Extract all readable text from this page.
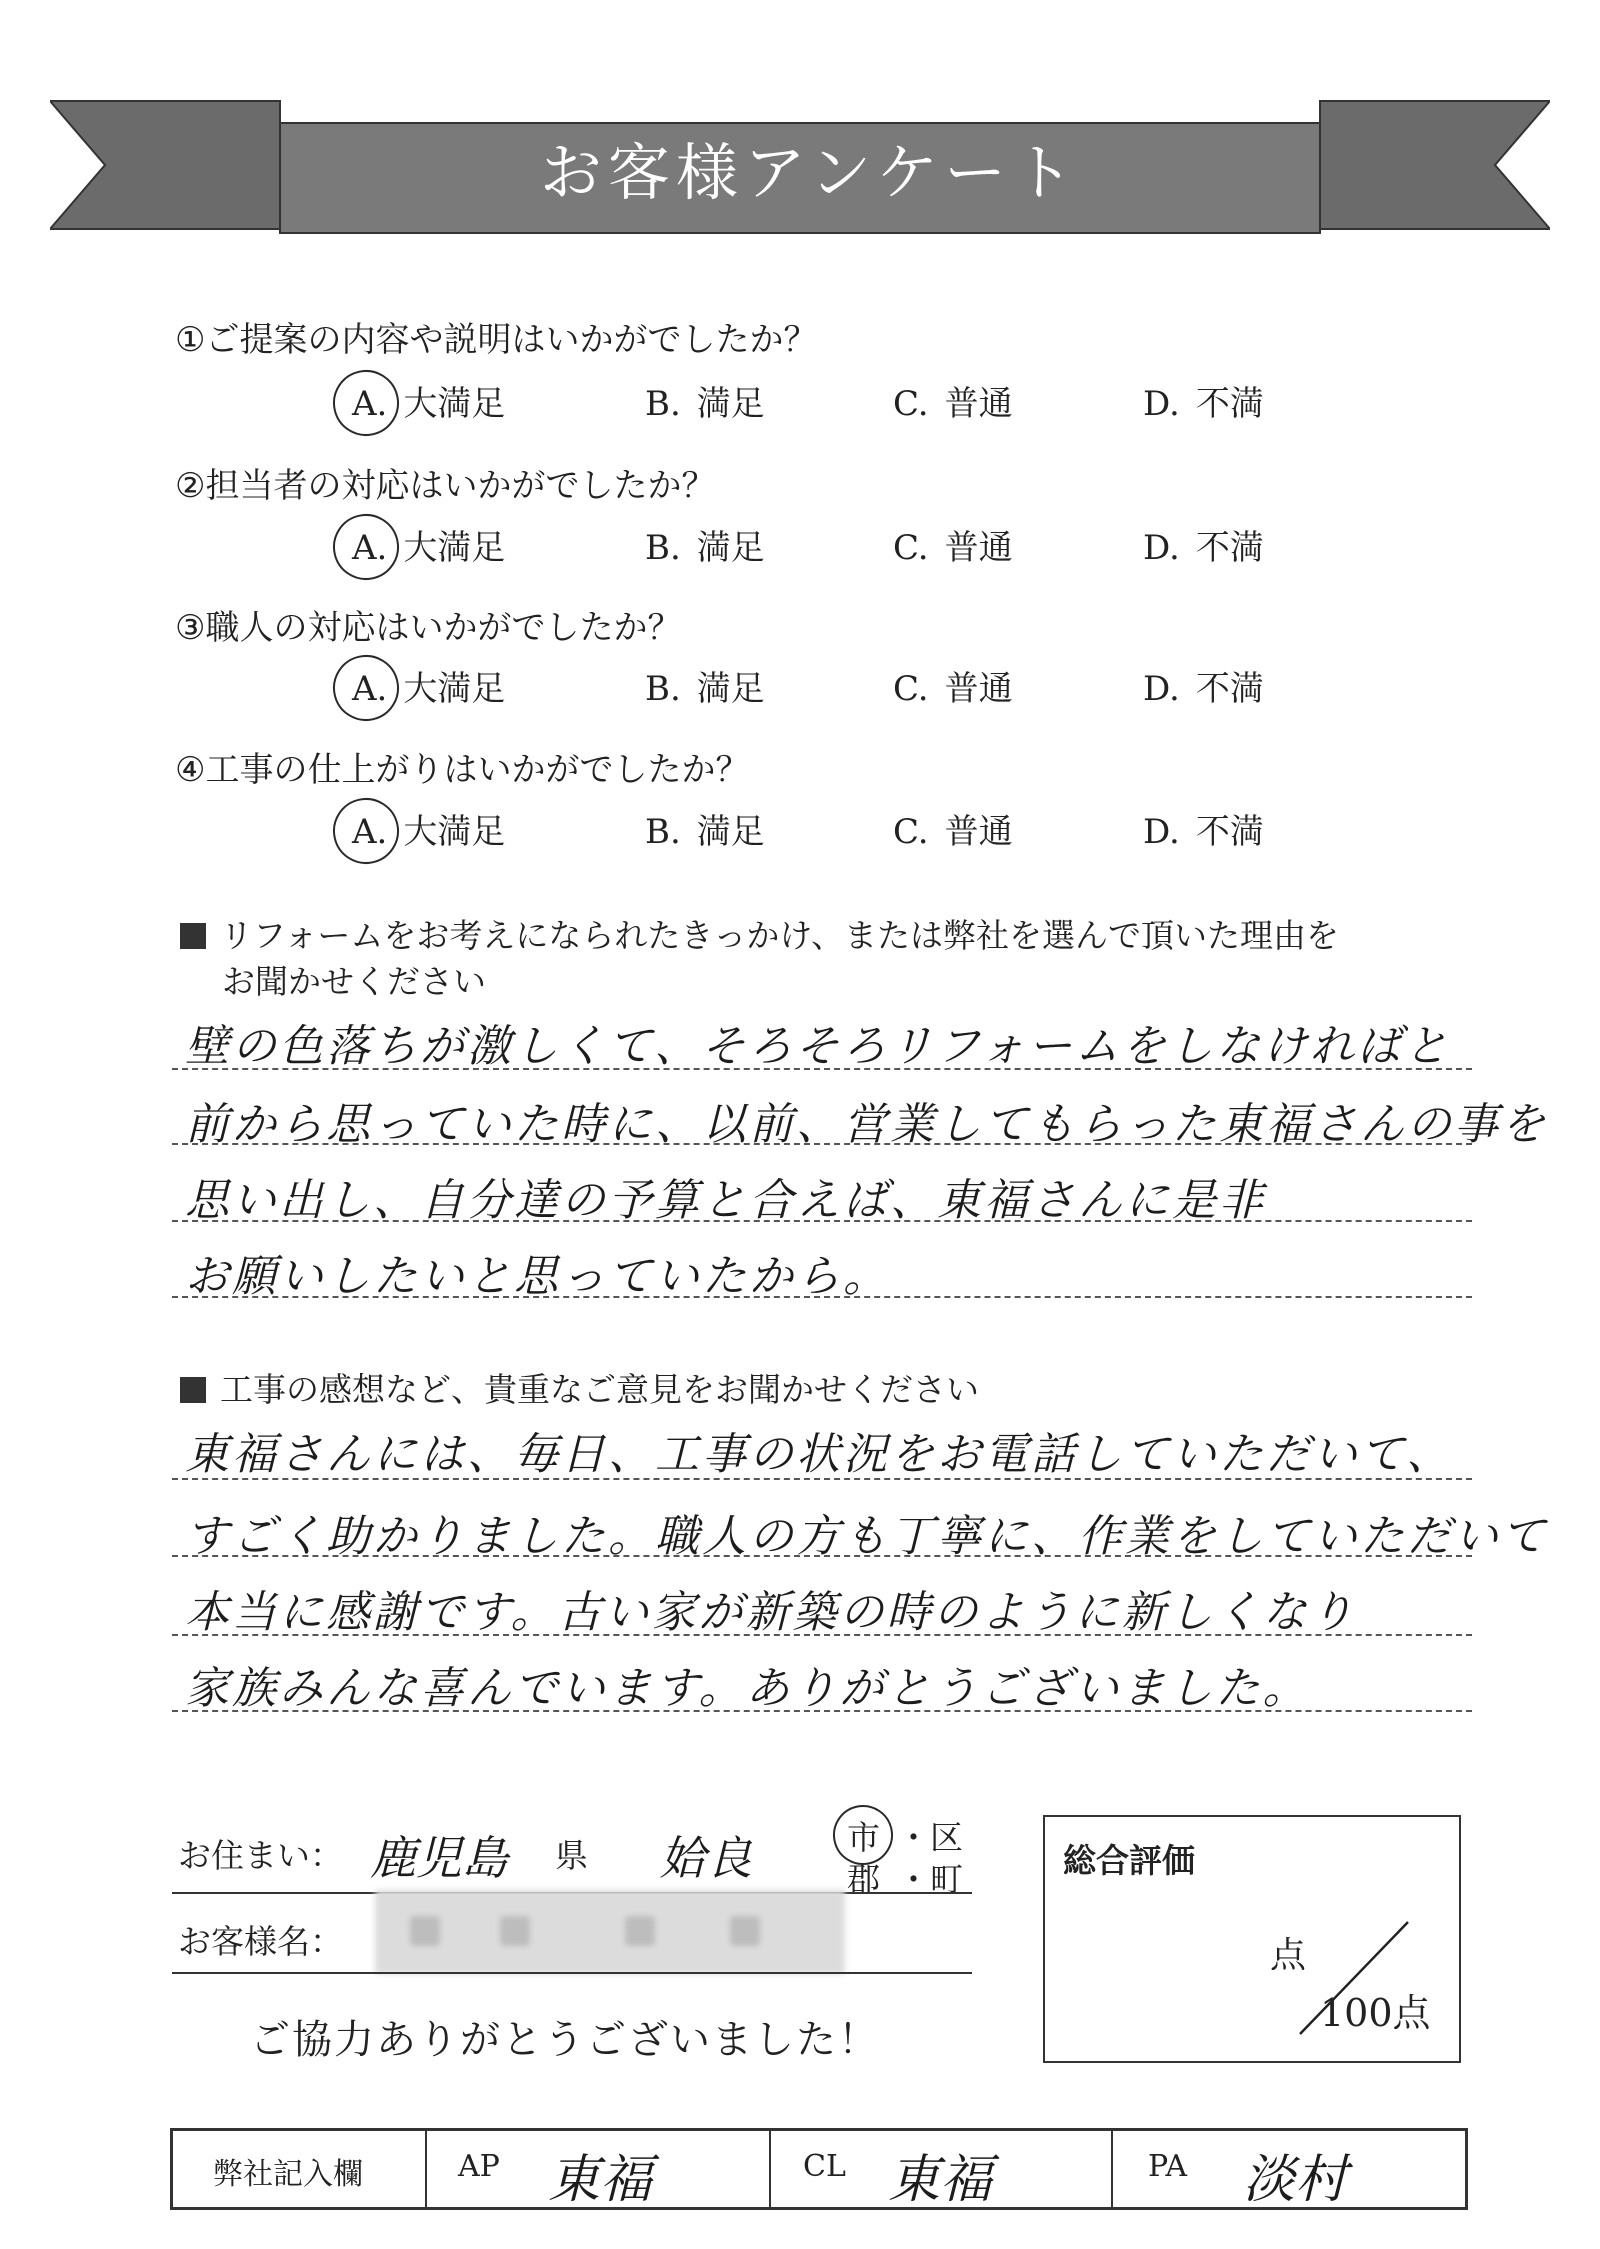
お客様アンケート
①ご提案の内容や説明はいかがでしたか？
A. 大満足	B. 満足	C. 普通	D. 不満
②担当者の対応はいかがでしたか？
A. 大満足	B. 満足	C. 普通	D. 不満
③職人の対応はいかがでしたか？
A. 大満足	B. 満足	C. 普通	D. 不満
④工事の仕上がりはいかがでしたか？
A. 大満足	B. 満足	C. 普通	D. 不満
リフォームをお考えになられたきっかけ、または弊社を選んで頂いた理由を
お聞かせください
壁の色落ちが激しくて、そろそろリフォームをしなければと
前から思っていた時に、以前、営業してもらった東福さんの事を
思い出し、自分達の予算と合えば、東福さんに是非
お願いしたいと思っていたから。
工事の感想など、貴重なご意見をお聞かせください
東福さんには、毎日、工事の状況をお電話していただいて、
すごく助かりました。職人の方も丁寧に、作業をしていただいて
本当に感謝です。古い家が新築の時のように新しくなり
家族みんな喜んでいます。ありがとうございました。
お住まい： 鹿児島 県 姶良	市 ・区
郡 ・町
お客様名：
ご協力ありがとうございました！
総合評価
点
100点
弊社記入欄	AP 東福	CL 東福	PA 淡村
